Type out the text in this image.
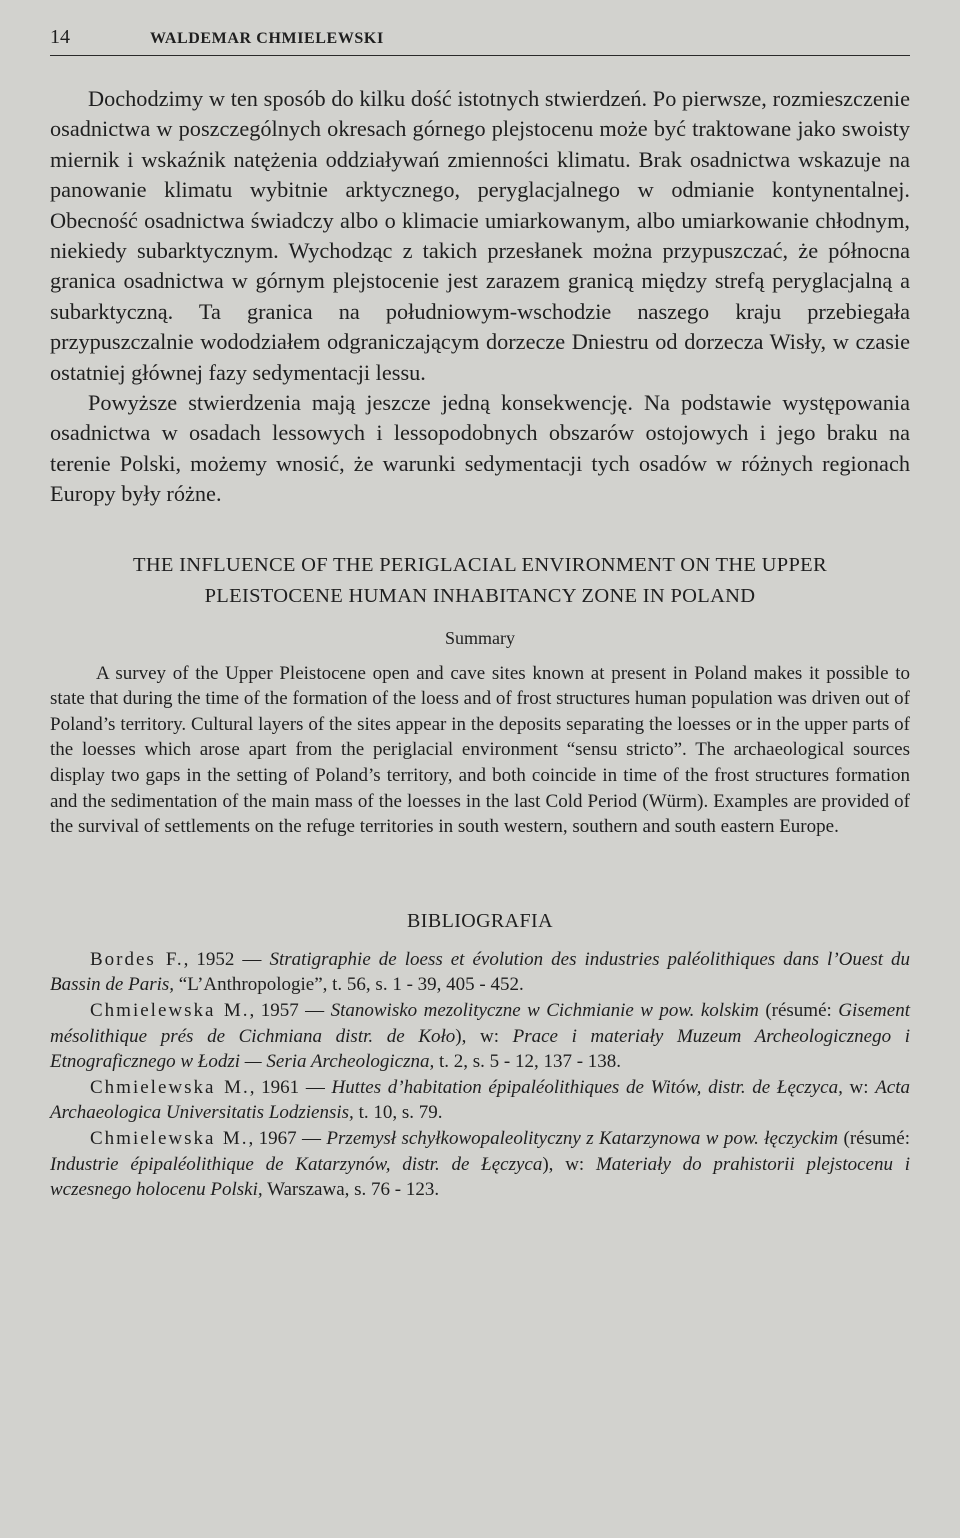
14	WALDEMAR CHMIELEWSKI

Dochodzimy w ten sposób do kilku dość istotnych stwierdzeń. Po pierwsze, rozmieszczenie osadnictwa w poszczególnych okresach górnego plejstocenu może być traktowane jako swoisty miernik i wskaźnik natężenia oddziaływań zmienności klimatu. Brak osadnictwa wskazuje na panowanie klimatu wybitnie arktycznego, peryglacjalnego w odmianie kontynentalnej. Obecność osadnictwa świadczy albo o klimacie umiarkowanym, albo umiarkowanie chłodnym, niekiedy subarktycznym. Wychodząc z takich przesłanek można przypuszczać, że północna granica osadnictwa w górnym plejstocenie jest zarazem granicą między strefą peryglacjalną a subarktyczną. Ta granica na południowym-wschodzie naszego kraju przebiegała przypuszczalnie wododziałem odgraniczającym dorzecze Dniestru od dorzecza Wisły, w czasie ostatniej głównej fazy sedymentacji lessu.

Powyższe stwierdzenia mają jeszcze jedną konsekwencję. Na podstawie występowania osadnictwa w osadach lessowych i lessopodobnych obszarów ostojowych i jego braku na terenie Polski, możemy wnosić, że warunki sedymentacji tych osadów w różnych regionach Europy były różne.

THE INFLUENCE OF THE PERIGLACIAL ENVIRONMENT ON THE UPPER
PLEISTOCENE HUMAN INHABITANCY ZONE IN POLAND
Summary

A survey of the Upper Pleistocene open and cave sites known at present in Poland makes it possible to state that during the time of the formation of the loess and of frost structures human population was driven out of Poland’s territory. Cultural layers of the sites appear in the deposits separating the loesses or in the upper parts of the loesses which arose apart from the periglacial environment “sensu stricto”. The archaeological sources display two gaps in the setting of Poland’s territory, and both coincide in time of the frost structures formation and the sedimentation of the main mass of the loesses in the last Cold Period (Würm). Examples are provided of the survival of settlements on the refuge territories in south western, southern and south eastern Europe.

BIBLIOGRAFIA

Bordes F., 1952 — Stratigraphie de loess et évolution des industries paléolithiques dans l’Ouest du Bassin de Paris, “L’Anthropologie”, t. 56, s. 1 - 39, 405 - 452.

Chmielewska M., 1957 — Stanowisko mezolityczne w Cichmianie w pow. kolskim (résumé: Gisement mésolithique prés de Cichmiana distr. de Koło), w: Prace i materiały Muzeum Archeologicznego i Etnograficznego w Łodzi — Seria Archeologiczna, t. 2, s. 5 - 12, 137 - 138.

Chmielewska M., 1961 — Huttes d’habitation épipaléolithiques de Witów, distr. de Łęczyca, w: Acta Archaeologica Universitatis Lodziensis, t. 10, s. 79.

Chmielewska M., 1967 — Przemysł schyłkowopaleolityczny z Katarzynowa w pow. łęczyckim (résumé: Industrie épipaléolithique de Katarzynów, distr. de Łęczyca), w: Materiały do prahistorii plejstocenu i wczesnego holocenu Polski, Warszawa, s. 76 - 123.
